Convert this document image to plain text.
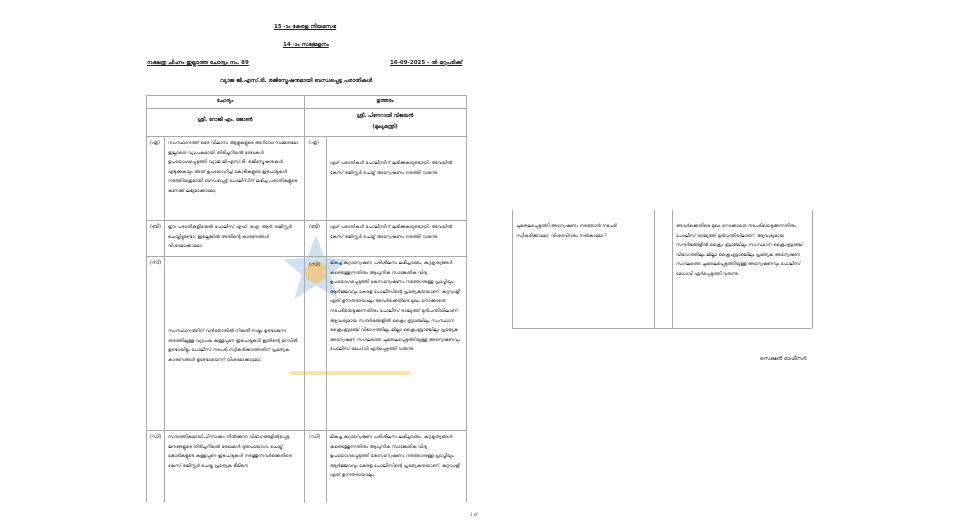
15 -ാം കേരള നിയമസഭ
14 -ാം സമ്മേളനം
നക്ഷത്ര ചിഹ്നം ഇല്ലാത്ത ചോദ്യം നം. 89	16-09-2025 - ൽ മറുപടിക്ക്
വ്യാജ ജി.എസ്.ടി. രജിസ്ട്രേഷനുമായി ബന്ധപ്പെട്ട പരാതികൾ
ചോദ്യം	ഉത്തരം
ശ്രീ. റോജി എം. ജോൺ
ശ്രീ. പിണറായി വിജയൻ
(മുഖ്യമന്ത്രി)
(എ) സംസ്ഥാനത്ത് ഒരേ വിലാസ ആളുകളുടെ അറിവോ സമ്മതമോ ഇല്ലാതെ വ്യാപകമായി തിരിച്ചറിയൽ രേഖകൾ ഉപയോഗപ്പെടുത്തി വ്യാജ ജി.എസ്.ടി. രജിസ്ട്രേഷനുകൾ എടുക്കുകയും അത് ഉപയോഗിച്ച് കോടികളുടെ ഇടപാടുകൾ നടത്തിയതുമായി ബന്ധപ്പെട്ട് പോലീസിന് ലഭിച്ച പരാതികളുടെ കണക്ക് ലഭ്യമാക്കാമോ;
(എ)
ഏഴ് പരാതികൾ പോലീസിന് ലഭിക്കുകയുണ്ടായി. അവയിൽ കേസ് രജിസ്റ്റർ ചെയ്ത് അന്വേഷണം നടത്തി വരുന്നു.
(ബി) ഈ പരാതികളിന്മേൽ പോലീസ് എഫ്. ഐ. ആർ. രജിസ്റ്റർ ചെയ്തിട്ടുണ്ടോ; ഇല്ലെങ്കിൽ അതിന്റെ കാരണങ്ങൾ വിശദമാക്കാമോ;
(ബി) ഏഴ് പരാതികൾ പോലീസിന് ലഭിക്കുകയുണ്ടായി. അവയിൽ കേസ് രജിസ്റ്റർ ചെയ്ത് അന്വേഷണം നടത്തി വരുന്നു.
(സി)
സംസ്ഥാനത്തിന് വൻതോതിൽ നികുതി നഷ്ടം ഉണ്ടാകുന്ന തരത്തിലുള്ള വ്യാപക കള്ളപ്പണ ഇടപാടുകൾ ഇതിന്റെ മറവിൽ ഉണ്ടായിട്ടും പോലീസ് നടപടി സ്വീകരിക്കാത്തതിന് പ്രത്യേക കാരണങ്ങൾ ഉണ്ടോയെന്ന് വിശദമാക്കാമോ;
(സി) മികച്ച കുറ്റാന്വേഷണ പരിശീലനം ലഭിച്ചവരും, കുറ്റകൃത്യങ്ങൾ കണ്ടെത്തുന്നതിനും ആധുനിക സാങ്കേതിക വിദ്യ ഉപയോഗപ്പെടുത്തി കേസന്വേഷണം നടത്താനുള്ള പ്രാപ്തിയും ആർജ്ജവവും കേരള പോലീസിന്റെ പ്രത്യേകതയാണ്. കുറ്റവാളി ഏത് ഉന്നതരായാലും അവർക്കെതിരെ മുഖം നോക്കാതെ നടപടിയെടുക്കുന്നതിനും പോലീസ് രാജ്യത്ത് മുൻപന്തിയിലാണ്. ആവശ്യമായ സന്ദർഭങ്ങളിൽ ക്രൈം ബ്രാഞ്ചിലും സംസ്ഥാന ക്രൈംബ്രാഞ്ച് വിഭാഗത്തിലും ജില്ലാ ക്രൈംബ്രാഞ്ചിലും പ്രത്യേക അന്വേഷണ സംഘത്തെ ചുമതലപ്പെടുത്തിയുള്ള അന്വേഷണവും പോലീസ് മേധാവി ഏർപ്പെടുത്തി വരുന്നു.
(ഡി) സമ്പത്തികമായി പിന്നാക്കം നിൽക്കുന്ന വിഭാഗങ്ങളിൽപ്പെട്ട ജനങ്ങളുടെ തിരിച്ചറിയൽ രേഖകൾ ദുരുപയോഗം ചെയ്ത് കോടികളുടെ കള്ളപ്പണ ഇടപാടുകൾ നടത്തുന്നവർക്കെതിരെ കേസ് രജിസ്റ്റർ ചെയ്ത പ്രത്യേക ടീമിനെ
(ഡി) മികച്ച കുറ്റാന്വേഷണ പരിശീലനം ലഭിച്ചവരും, കുറ്റകൃത്യങ്ങൾ കണ്ടെത്തുന്നതിനും ആധുനിക സാങ്കേതിക വിദ്യ ഉപയോഗപ്പെടുത്തി കേസന്വേഷണം നടത്താനുള്ള പ്രാപ്തിയും ആർജ്ജവവും കേരള പോലീസിന്റെ പ്രത്യേകതയാണ്. കുറ്റവാളി ഏത് ഉന്നതരായാലും
ചുമതലപ്പെടുത്തി അന്വേഷണം നടത്താൻ നടപടി സ്വീകരിക്കാമോ; വിശദവിവരം നൽകാമോ ?
അവർക്കെതിരെ മുഖം നോക്കാതെ നടപടിയെടുക്കുന്നതിനും പോലീസ് രാജ്യത്ത് മുൻപന്തിയിലാണ്. ആവശ്യമായ സന്ദർഭങ്ങളിൽ ക്രൈം ബ്രാഞ്ചിലും സംസ്ഥാന ക്രൈംബ്രാഞ്ച് വിഭാഗത്തിലും ജില്ലാ ക്രൈംബ്രാഞ്ചിലും പ്രത്യേക അന്വേഷണ സംഘത്തെ ചുമതലപ്പെടുത്തിയുള്ള അന്വേഷണവും പോലീസ് മേധാവി ഏർപ്പെടുത്തി വരുന്നു.
സെക്ഷൻ ഓഫീസർ
1 of
